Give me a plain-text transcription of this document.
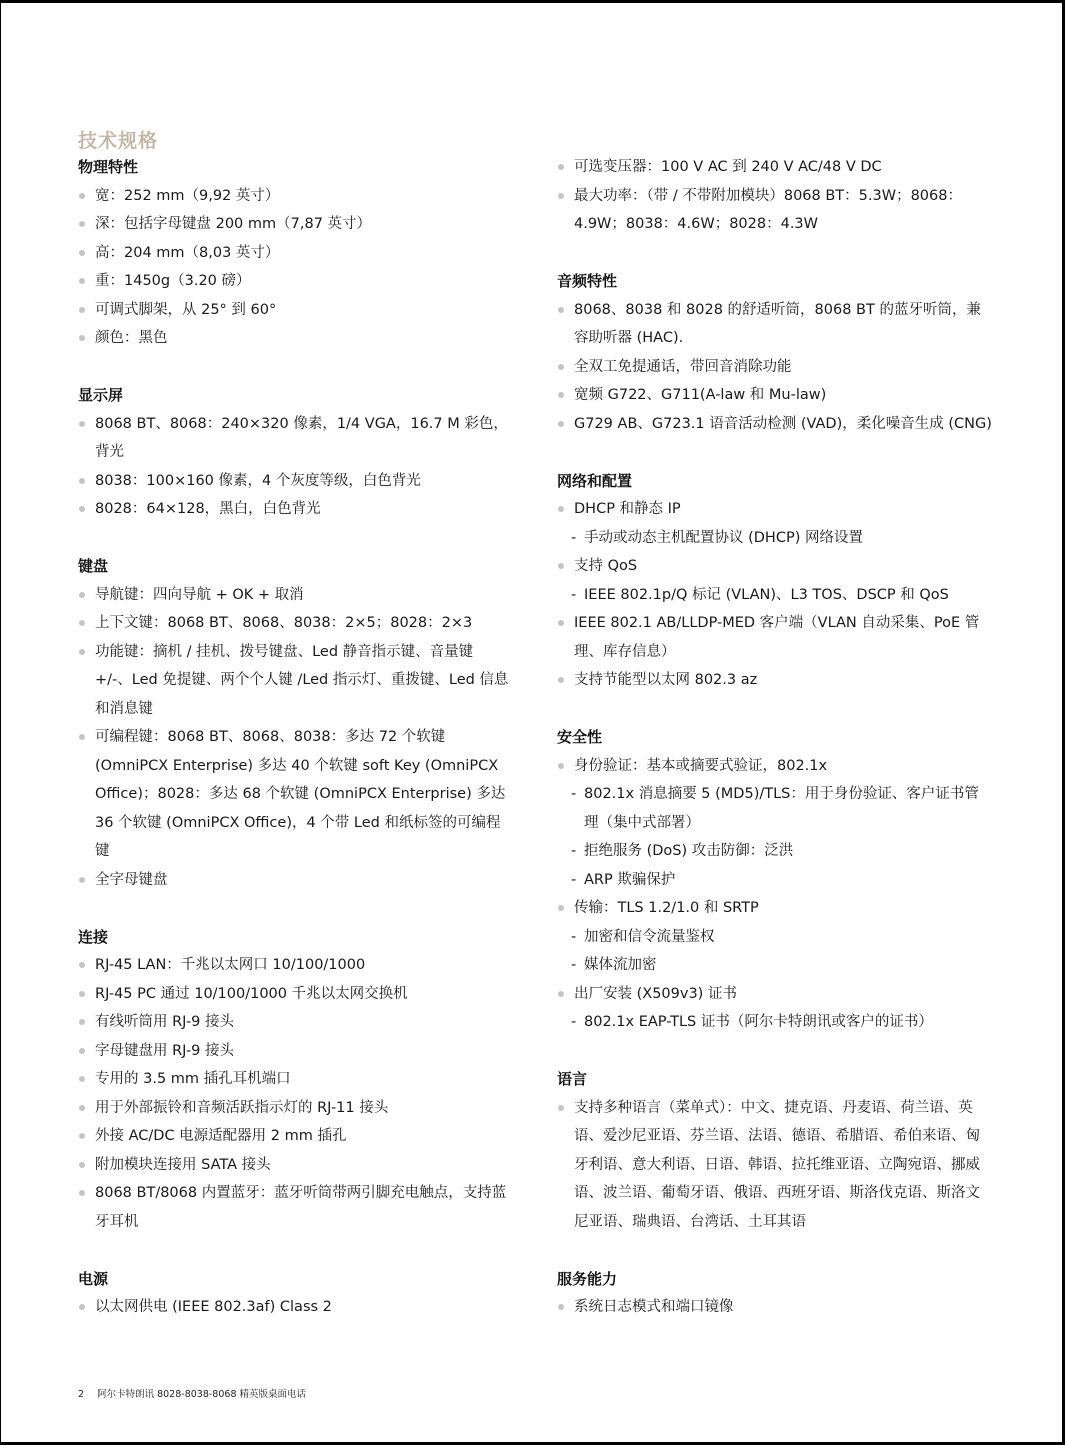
技术规格
物理特性
宽：252 mm（9,92 英寸）
深：包括字母键盘 200 mm（7,87 英寸）
高：204 mm（8,03 英寸）
重：1450g（3.20 磅）
可调式脚架，从 25° 到 60°
颜色：黑色
显示屏
8068 BT、8068：240×320 像素，1/4 VGA，16.7 M 彩色，背光
8038：100×160 像素，4 个灰度等级，白色背光
8028：64×128，黑白，白色背光
键盘
导航键：四向导航 + OK + 取消
上下文键：8068 BT、8068、8038：2×5；8028：2×3
功能键：摘机 / 挂机、拨号键盘、Led 静音指示键、音量键 +/-、Led 免提键、两个个人键 /Led 指示灯、重拨键、Led 信息和消息键
可编程键：8068 BT、8068、8038：多达 72 个软键 (OmniPCX Enterprise) 多达 40 个软键 soft Key (OmniPCX Office)；8028：多达 68 个软键 (OmniPCX Enterprise) 多达 36 个软键 (OmniPCX Office)，4 个带 Led 和纸标签的可编程键
全字母键盘
连接
RJ-45 LAN：千兆以太网口 10/100/1000
RJ-45 PC 通过 10/100/1000 千兆以太网交换机
有线听筒用 RJ-9 接头
字母键盘用 RJ-9 接头
专用的 3.5 mm 插孔耳机端口
用于外部振铃和音频活跃指示灯的 RJ-11 接头
外接 AC/DC 电源适配器用 2 mm 插孔
附加模块连接用 SATA 接头
8068 BT/8068 内置蓝牙：蓝牙听筒带两引脚充电触点，支持蓝牙耳机
电源
以太网供电 (IEEE 802.3af) Class 2
可选变压器：100 V AC 到 240 V AC/48 V DC
最大功率：（带 / 不带附加模块）8068 BT：5.3W；8068：4.9W；8038：4.6W；8028：4.3W
音频特性
8068、8038 和 8028 的舒适听筒，8068 BT 的蓝牙听筒，兼容助听器 (HAC).
全双工免提通话，带回音消除功能
宽频 G722、G711(A-law 和 Mu-law)
G729 AB、G723.1 语音活动检测 (VAD)，柔化噪音生成 (CNG)
网络和配置
DHCP 和静态 IP
- 手动或动态主机配置协议 (DHCP) 网络设置
支持 QoS
- IEEE 802.1p/Q 标记 (VLAN)、L3 TOS、DSCP 和 QoS
IEEE 802.1 AB/LLDP-MED 客户端（VLAN 自动采集、PoE 管理、库存信息）
支持节能型以太网 802.3 az
安全性
身份验证：基本或摘要式验证，802.1x
- 802.1x 消息摘要 5 (MD5)/TLS：用于身份验证、客户证书管理（集中式部署）
- 拒绝服务 (DoS) 攻击防御：泛洪
- ARP 欺骗保护
传输：TLS 1.2/1.0 和 SRTP
- 加密和信令流量鉴权
- 媒体流加密
出厂安装 (X509v3) 证书
- 802.1x EAP-TLS 证书（阿尔卡特朗讯或客户的证书）
语言
支持多种语言（菜单式）：中文、捷克语、丹麦语、荷兰语、英语、爱沙尼亚语、芬兰语、法语、德语、希腊语、希伯来语、匈牙利语、意大利语、日语、韩语、拉托维亚语、立陶宛语、挪威语、波兰语、葡萄牙语、俄语、西班牙语、斯洛伐克语、斯洛文尼亚语、瑞典语、台湾话、土耳其语
服务能力
系统日志模式和端口镜像
2 阿尔卡特朗讯 8028-8038-8068 精英版桌面电话
